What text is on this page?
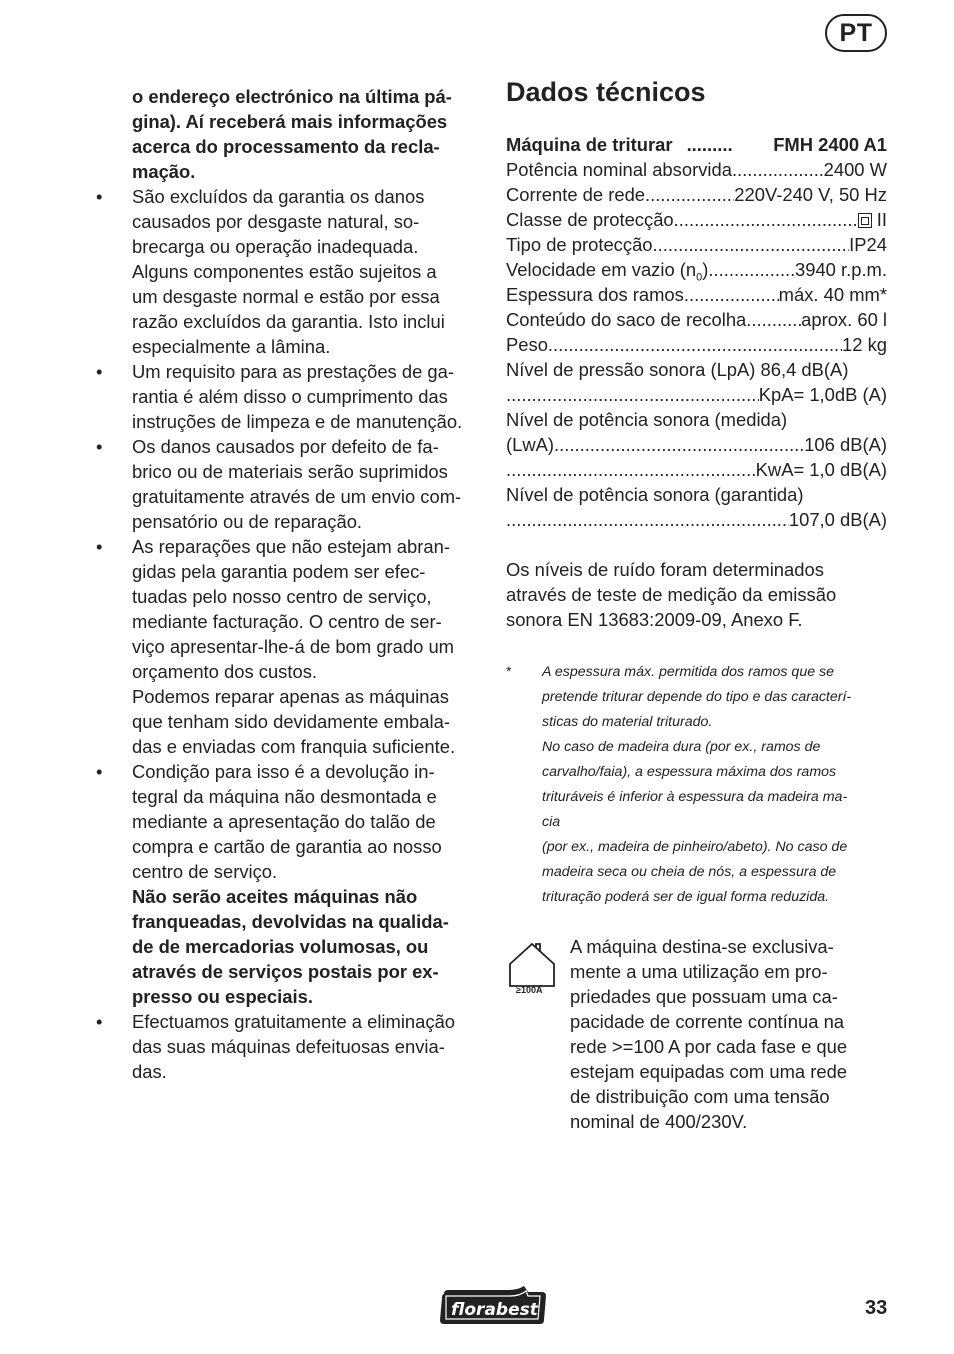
PT

o endereço electrónico na última pá-

gina). Aí receberá mais informações

acerca do processamento da recla-

mação.

• São excluídos da garantia os danos

causados por desgaste natural, so-

brecarga ou operação inadequada.

Alguns componentes estão sujeitos a

um desgaste normal e estão por essa

razão excluídos da garantia. Isto inclui

especialmente a lâmina.

• Um requisito para as prestações de ga-

rantia é além disso o cumprimento das

instruções de limpeza e de manutenção.

• Os danos causados por defeito de fa-

brico ou de materiais serão suprimidos

gratuitamente através de um envio com-

pensatório ou de reparação.

• As reparações que não estejam abran-

gidas pela garantia podem ser efec-

tuadas pelo nosso centro de serviço,

mediante facturação. O centro de ser-

viço apresentar-lhe-á de bom grado um

orçamento dos custos.

Podemos reparar apenas as máquinas

que tenham sido devidamente embala-

das e enviadas com franquia suficiente.

• Condição para isso é a devolução in-

tegral da máquina não desmontada e

mediante a apresentação do talão de

compra e cartão de garantia ao nosso

centro de serviço.

Não serão aceites máquinas não

franqueadas, devolvidas na qualida-

de de mercadorias volumosas, ou

através de serviços postais por ex-

presso ou especiais.

• Efectuamos gratuitamente a eliminação

das suas máquinas defeituosas envia-

das.

Dados técnicos
Máquina de triturar ......... FMH 2400 A1
Potência nominal absorvida .....	2400 W
Corrente de rede .....	220V-240 V, 50 Hz
Classe de protecção .....	II
Tipo de protecção .....	IP24
Velocidade em vazio $(n_0)$ .....	3940 r.p.m.
Espessura dos ramos .....	máx. 40 mm*
Conteúdo do saco de recolha .....	aprox. 60 l
Peso .....	12 kg
Nível de pressão sonora (LpA) 86,4 dB(A)
.....
KpA= 1,0dB (A)
Nível de potência sonora (medida)
(LwA) .....	106 dB(A)
.....
KwA= 1,0 dB(A)
Nível de potência sonora (garantida)
.....
107,0 dB(A)
Os níveis de ruído foram determinados
através de teste de medição da emissão
sonora EN 13683:2009-09, Anexo F.
* A espessura máx. permitida dos ramos que se

pretende triturar depende do tipo e das caracterí-

sticas do material triturado.

No caso de madeira dura (por ex., ramos de

carvalho/faia), a espessura máxima dos ramos

trituráveis é inferior à espessura da madeira ma-

cia

(por ex., madeira de pinheiro/abeto). No caso de

madeira seca ou cheia de nós, a espessura de

trituração poderá ser de igual forma reduzida.

≥100A

A máquina destina-se exclusiva-

mente a uma utilização em pro-

priedades que possuam uma ca-

pacidade de corrente contínua na

rede >=100 A por cada fase e que

estejam equipadas com uma rede

de distribuição com uma tensão

nominal de 400/230V.

florabest	33
